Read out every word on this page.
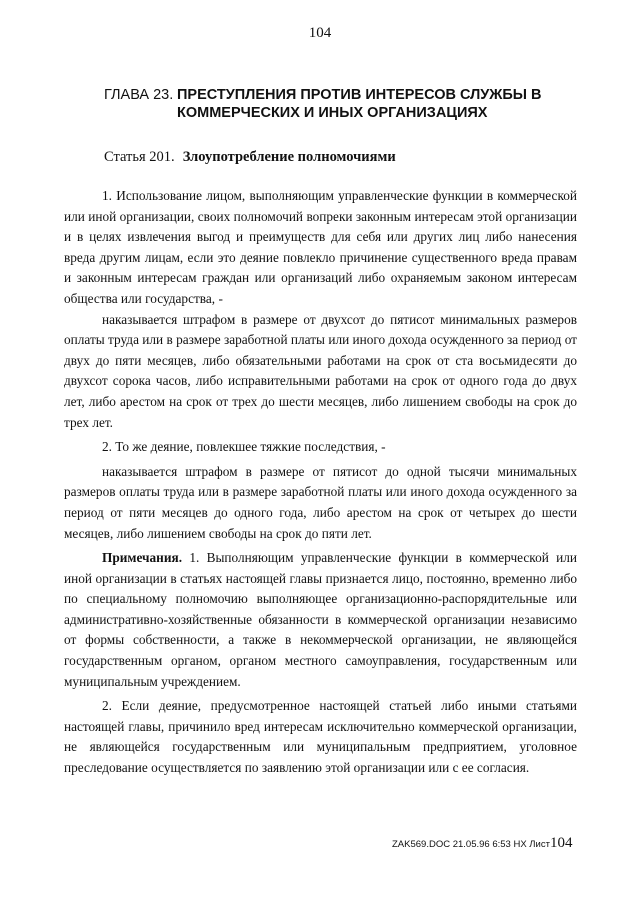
104
ГЛАВА 23. ПРЕСТУПЛЕНИЯ ПРОТИВ ИНТЕРЕСОВ СЛУЖБЫ В КОММЕРЧЕСКИХ И ИНЫХ ОРГАНИЗАЦИЯХ
Статья 201. Злоупотребление полномочиями

1. Использование лицом, выполняющим управленческие функции в коммерческой или иной организации, своих полномочий вопреки законным интересам этой организации и в целях извлечения выгод и преимуществ для себя или других лиц либо нанесения вреда другим лицам, если это деяние повлекло причинение существенного вреда правам и законным интересам граждан или организаций либо охраняемым законом интересам общества или государства, -

наказывается штрафом в размере от двухсот до пятисот минимальных размеров оплаты труда или в размере заработной платы или иного дохода осужденного за период от двух до пяти месяцев, либо обязательными работами на срок от ста восьмидесяти до двухсот сорока часов, либо исправительными работами на срок от одного года до двух лет, либо арестом на срок от трех до шести месяцев, либо лишением свободы на срок до трех лет.

2. То же деяние, повлекшее тяжкие последствия, -

наказывается штрафом в размере от пятисот до одной тысячи минимальных размеров оплаты труда или в размере заработной платы или иного дохода осужденного за период от пяти месяцев до одного года, либо арестом на срок от четырех до шести месяцев, либо лишением свободы на срок до пяти лет.

Примечания. 1. Выполняющим управленческие функции в коммерческой или иной организации в статьях настоящей главы признается лицо, постоянно, временно либо по специальному полномочию выполняющее организационно-распорядительные или административно-хозяйственные обязанности в коммерческой организации независимо от формы собственности, а также в некоммерческой организации, не являющейся государственным органом, органом местного самоуправления, государственным или муниципальным учреждением.

2. Если деяние, предусмотренное настоящей статьей либо иными статьями настоящей главы, причинило вред интересам исключительно коммерческой организации, не являющейся государственным или муниципальным предприятием, уголовное преследование осуществляется по заявлению этой организации или с ее согласия.

ZAK569.DOC 21.05.96 6:53 НХ Лист104
